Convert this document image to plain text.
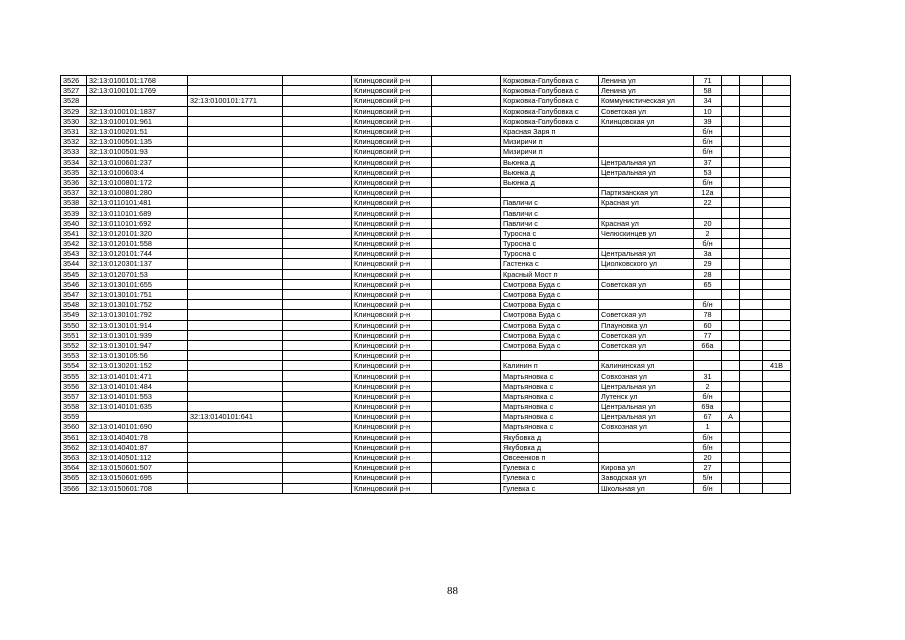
3526	32:13:0100101:1768			Клинцовский р-н		Коржовка-Голубовка с	Ленина ул	71			
3527	32:13:0100101:1769			Клинцовский р-н		Коржовка-Голубовка с	Ленина ул	58			
3528		32:13:0100101:1771		Клинцовский р-н		Коржовка-Голубовка с	Коммунистическая ул	34			
3529	32:13:0100101:1837			Клинцовский р-н		Коржовка-Голубовка с	Советская ул	10			
3530	32:13:0100101:961			Клинцовский р-н		Коржовка-Голубовка с	Клинцовская ул	39			
3531	32:13:0100201:51			Клинцовский р-н		Красная Заря п		б/н			
3532	32:13:0100501:135			Клинцовский р-н		Мизиричи п		б/н			
3533	32:13:0100501:93			Клинцовский р-н		Мизиричи п		б/н			
3534	32:13:0100601:237			Клинцовский р-н		Вьюнка д	Центральная ул	37			
3535	32:13:0100603:4			Клинцовский р-н		Вьюнка д	Центральная ул	53			
3536	32:13:0100801:172			Клинцовский р-н		Вьюнка д		б/н			
3537	32:13:0100801:280			Клинцовский р-н			Партизанская ул	12а			
3538	32:13:0110101:481			Клинцовский р-н		Павличи с	Красная ул	22			
3539	32:13:0110101:689			Клинцовский р-н		Павличи с					
3540	32:13:0110101:692			Клинцовский р-н		Павличи с	Красная ул	20			
3541	32:13:0120101:320			Клинцовский р-н		Туросна с	Челюскинцев ул	2			
3542	32:13:0120101:558			Клинцовский р-н		Туросна с		б/н			
3543	32:13:0120101:744			Клинцовский р-н		Туросна с	Центральная ул	3а			
3544	32:13:0120301:137			Клинцовский р-н		Гастенка с	Циолковского ул	29			
3545	32:13:0120701:53			Клинцовский р-н		Красный Мост п		28			
3546	32:13:0130101:655			Клинцовский р-н		Смотрова Буда с	Советская ул	65			
3547	32:13:0130101:751			Клинцовский р-н		Смотрова Буда с					
3548	32:13:0130101:752			Клинцовский р-н		Смотрова Буда с		б/н			
3549	32:13:0130101:792			Клинцовский р-н		Смотрова Буда с	Советская ул	78			
3550	32:13:0130101:914			Клинцовский р-н		Смотрова Буда с	Плауновка ул	60			
3551	32:13:0130101:939			Клинцовский р-н		Смотрова Буда с	Советская ул	77			
3552	32:13:0130101:947			Клинцовский р-н		Смотрова Буда с	Советская ул	66а			
3553	32:13:0130105:56			Клинцовский р-н							
3554	32:13:0130201:152			Клинцовский р-н		Калинин п	Калининская ул				41В
3555	32:13:0140101:471			Клинцовский р-н		Мартьяновка с	Совхозная ул	31			
3556	32:13:0140101:484			Клинцовский р-н		Мартьяновка с	Центральная ул	2			
3557	32:13:0140101:553			Клинцовский р-н		Мартьяновка с	Лутенск ул	б/н			
3558	32:13:0140101:635			Клинцовский р-н		Мартьяновка с	Центральная ул	69а			
3559		32:13:0140101:641		Клинцовский р-н		Мартьяновка с	Центральная ул	67	А		
3560	32:13:0140101:690			Клинцовский р-н		Мартьяновка с	Совхозная ул	1			
3561	32:13:0140401:78			Клинцовский р-н		Якубовка д		б/н			
3562	32:13:0140401:87			Клинцовский р-н		Якубовка д		б/н			
3563	32:13:0140501:112			Клинцовский р-н		Овсеенков п		20			
3564	32:13:0150601:507			Клинцовский р-н		Гулевка с	Кирова ул	27			
3565	32:13:0150601:695			Клинцовский р-н		Гулевка с	Заводская ул	5/н			
3566	32:13:0150601:708			Клинцовский р-н		Гулевка с	Школьная ул	б/н			
88
